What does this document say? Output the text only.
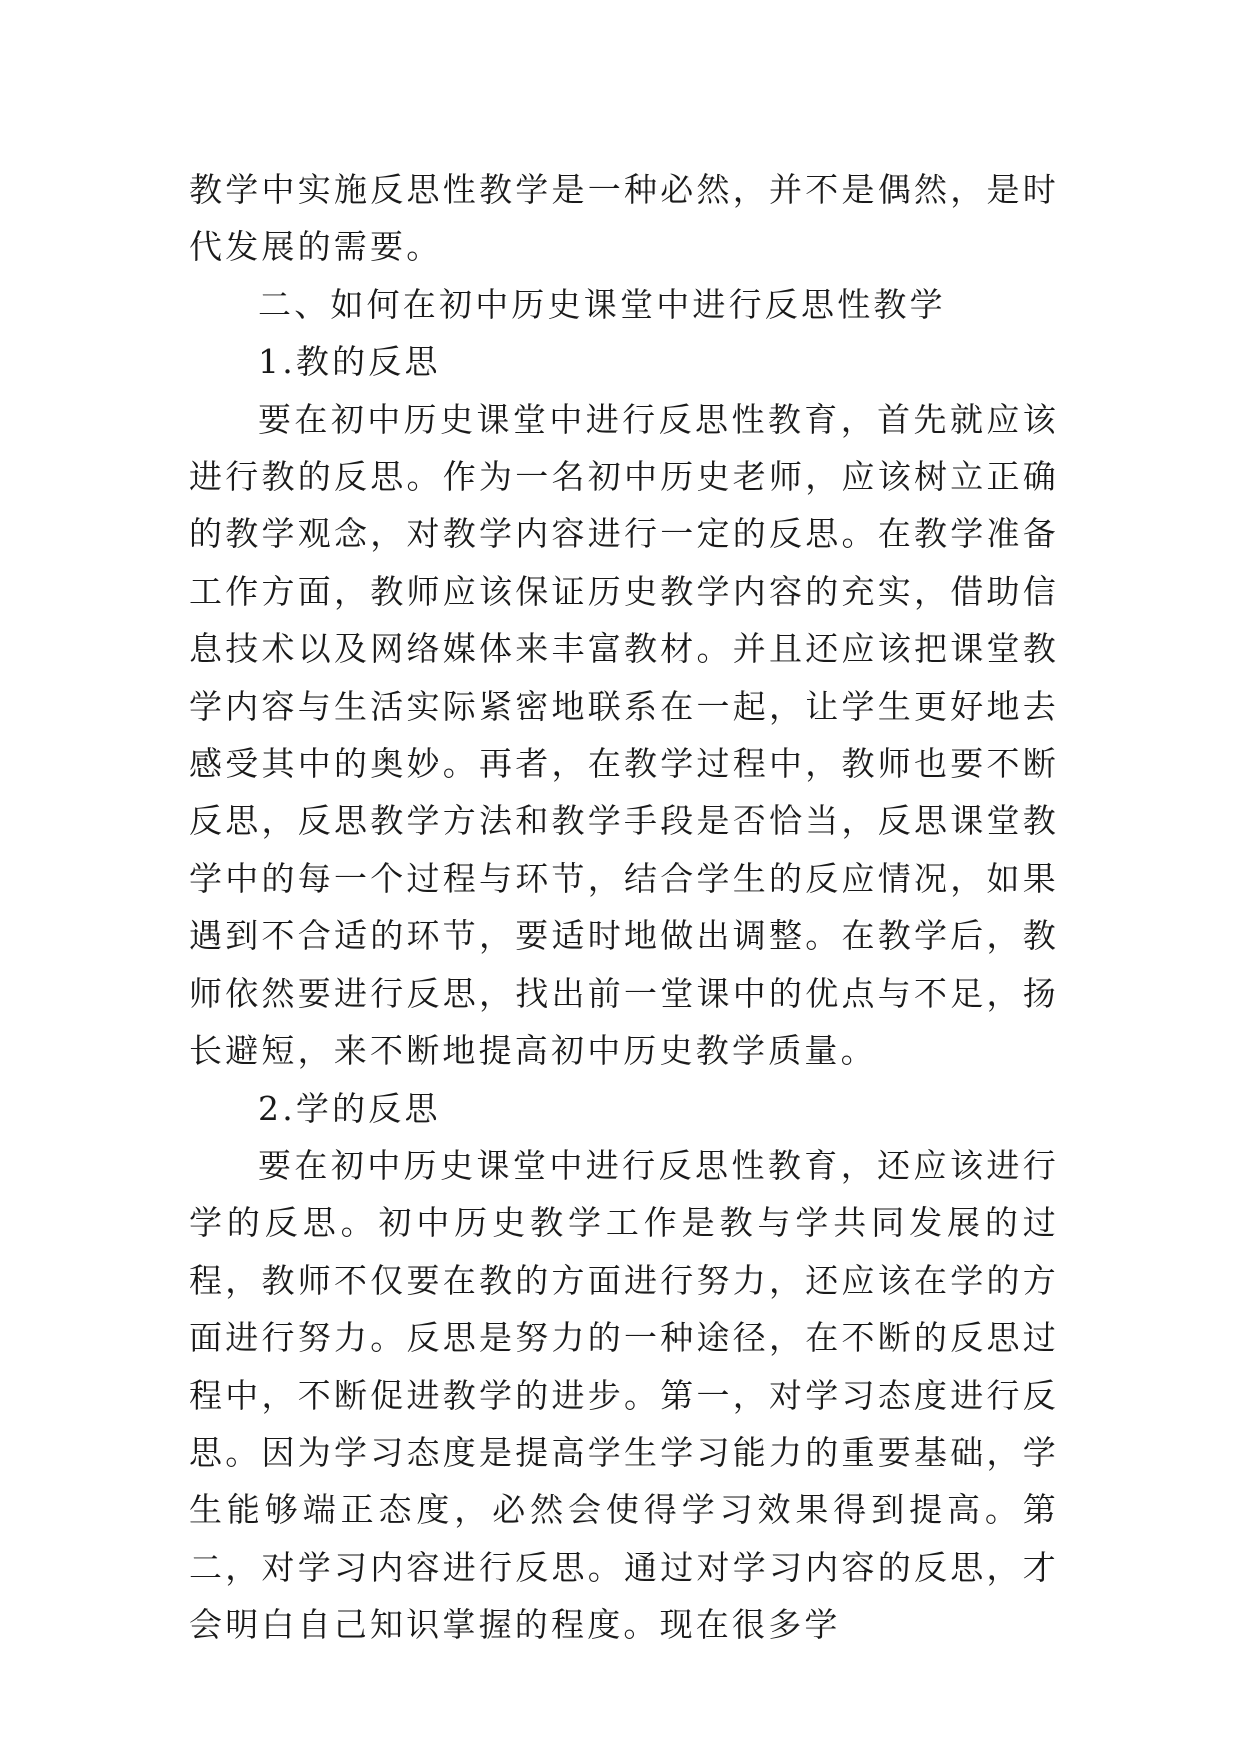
教学中实施反思性教学是一种必然，并不是偶然，是时代发展的需要。

二、如何在初中历史课堂中进行反思性教学

1.教的反思

要在初中历史课堂中进行反思性教育，首先就应该进行教的反思。作为一名初中历史老师，应该树立正确的教学观念，对教学内容进行一定的反思。在教学准备工作方面，教师应该保证历史教学内容的充实，借助信息技术以及网络媒体来丰富教材。并且还应该把课堂教学内容与生活实际紧密地联系在一起，让学生更好地去感受其中的奥妙。再者，在教学过程中，教师也要不断反思，反思教学方法和教学手段是否恰当，反思课堂教学中的每一个过程与环节，结合学生的反应情况，如果遇到不合适的环节，要适时地做出调整。在教学后，教师依然要进行反思，找出前一堂课中的优点与不足，扬长避短，来不断地提高初中历史教学质量。

2.学的反思

要在初中历史课堂中进行反思性教育，还应该进行学的反思。初中历史教学工作是教与学共同发展的过程，教师不仅要在教的方面进行努力，还应该在学的方面进行努力。反思是努力的一种途径，在不断的反思过程中，不断促进教学的进步。第一，对学习态度进行反思。因为学习态度是提高学生学习能力的重要基础，学生能够端正态度，必然会使得学习效果得到提高。第二，对学习内容进行反思。通过对学习内容的反思，才会明白自己知识掌握的程度。现在很多学
